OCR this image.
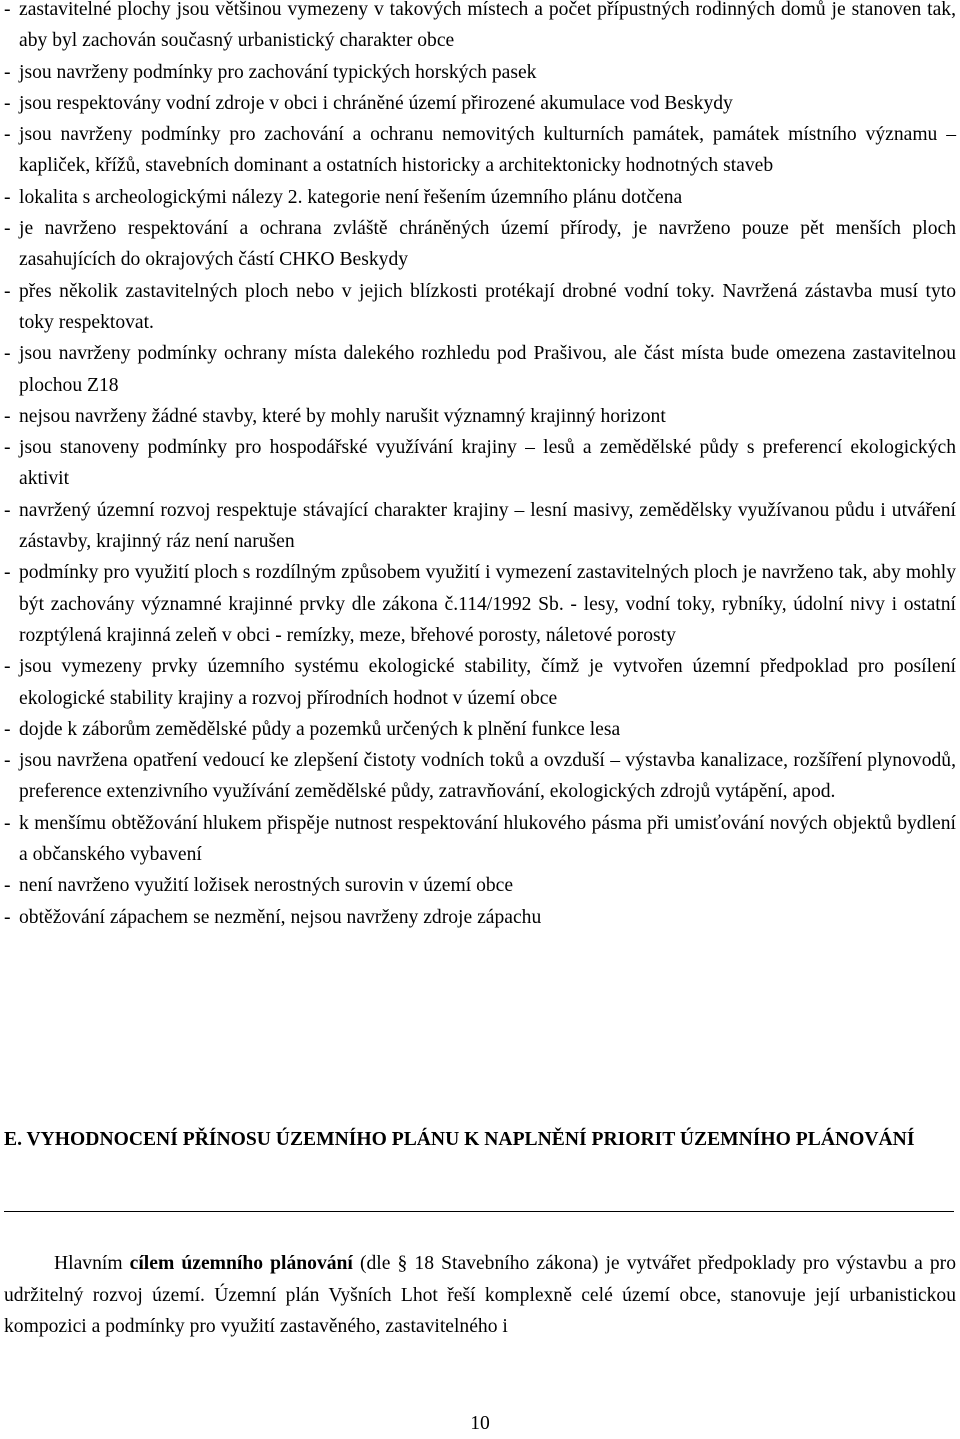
- zastavitelné plochy jsou většinou vymezeny v takových místech a počet přípustných rodinných domů je stanoven tak, aby byl zachován současný urbanistický charakter obce
- jsou navrženy podmínky pro zachování typických horských pasek
- jsou respektovány vodní zdroje v obci i chráněné území přirozené akumulace vod Beskydy
- jsou navrženy podmínky pro zachování a ochranu nemovitých kulturních památek, památek místního významu – kapliček, křížů, stavebních dominant a ostatních historicky a architektonicky hodnotných staveb
- lokalita s archeologickými nálezy 2. kategorie není řešením územního plánu dotčena
- je navrženo respektování a ochrana zvláště chráněných území přírody, je navrženo pouze pět menších ploch zasahujících do okrajových částí CHKO Beskydy
- přes několik zastavitelných ploch nebo v jejich blízkosti protékají drobné vodní toky. Navržená zástavba musí tyto toky respektovat.
- jsou navrženy podmínky ochrany místa dalekého rozhledu pod Prašivou, ale část místa bude omezena zastavitelnou plochou Z18
- nejsou navrženy žádné stavby, které by mohly narušit významný krajinný horizont
- jsou stanoveny podmínky pro hospodářské využívání krajiny – lesů a zemědělské půdy s preferencí ekologických aktivit
- navržený územní rozvoj respektuje stávající charakter krajiny – lesní masivy, zemědělsky využívanou půdu i utváření zástavby, krajinný ráz není narušen
- podmínky pro využití ploch s rozdílným způsobem využití i vymezení zastavitelných ploch je navrženo tak, aby mohly být zachovány významné krajinné prvky dle zákona č.114/1992 Sb. - lesy, vodní toky, rybníky, údolní nivy i ostatní rozptýlená krajinná zeleň v obci - remízky, meze, břehové porosty, náletové porosty
- jsou vymezeny prvky územního systému ekologické stability, čímž je vytvořen územní předpoklad pro posílení ekologické stability krajiny a rozvoj přírodních hodnot v území obce
- dojde k záborům zemědělské půdy a pozemků určených k plnění funkce lesa
- jsou navržena opatření vedoucí ke zlepšení čistoty vodních toků a ovzduší – výstavba kanalizace, rozšíření plynovodů, preference extenzivního využívání zemědělské půdy, zatravňování, ekologických zdrojů vytápění, apod.
- k menšímu obtěžování hlukem přispěje nutnost respektování hlukového pásma při umisťování nových objektů bydlení a občanského vybavení
- není navrženo využití ložisek nerostných surovin v území obce
- obtěžování zápachem se nezmění, nejsou navrženy zdroje zápachu
E. VYHODNOCENÍ PŘÍNOSU ÚZEMNÍHO PLÁNU K NAPLNĚNÍ PRIORIT ÚZEMNÍHO PLÁNOVÁNÍ

Hlavním cílem územního plánování (dle § 18 Stavebního zákona) je vytvářet předpoklady pro výstavbu a pro udržitelný rozvoj území. Územní plán Vyšních Lhot řeší komplexně celé území obce, stanovuje její urbanistickou kompozici a podmínky pro využití zastavěného, zastavitelného i

10
